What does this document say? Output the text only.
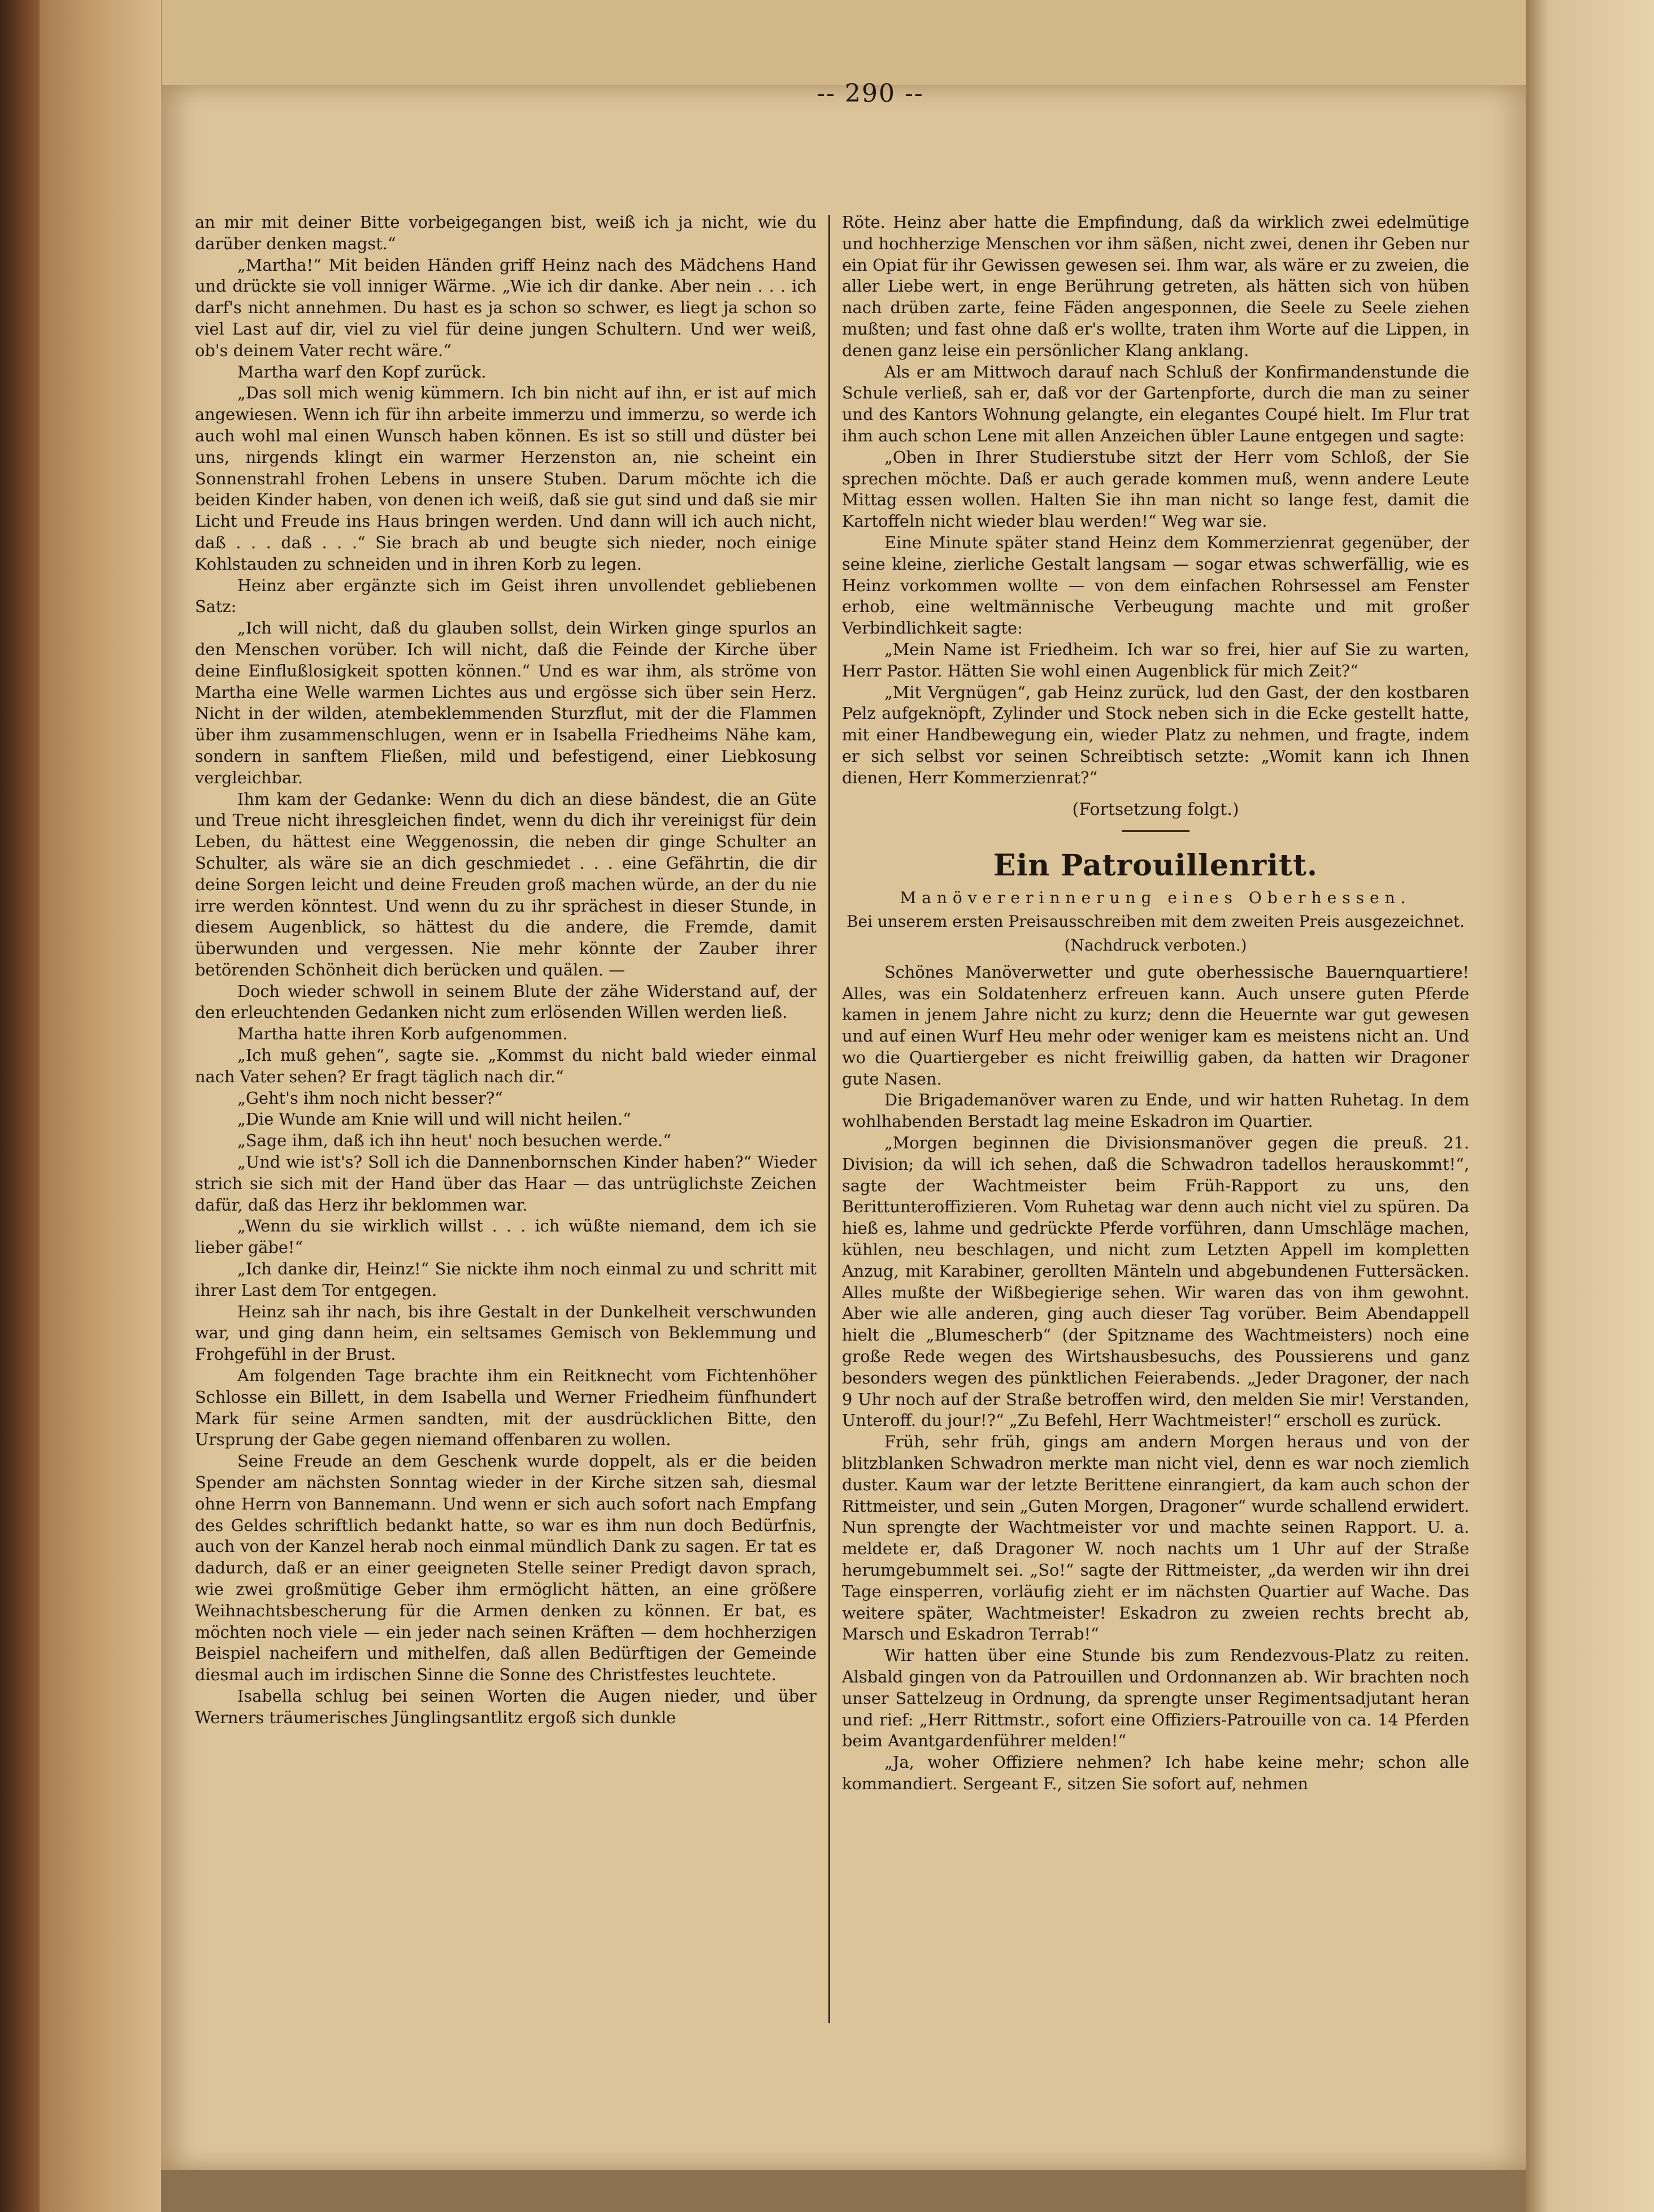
-- 290 --

an mir mit deiner Bitte vorbeigegangen bist, weiß ich ja nicht, wie du darüber denken magst.“

„Martha!“ Mit beiden Händen griff Heinz nach des Mädchens Hand und drückte sie voll inniger Wärme. „Wie ich dir danke. Aber nein . . . ich darf's nicht annehmen. Du hast es ja schon so schwer, es liegt ja schon so viel Last auf dir, viel zu viel für deine jungen Schultern. Und wer weiß, ob's deinem Vater recht wäre.“

Martha warf den Kopf zurück.

„Das soll mich wenig kümmern. Ich bin nicht auf ihn, er ist auf mich angewiesen. Wenn ich für ihn arbeite immerzu und immerzu, so werde ich auch wohl mal einen Wunsch haben können. Es ist so still und düster bei uns, nirgends klingt ein warmer Herzenston an, nie scheint ein Sonnenstrahl frohen Lebens in unsere Stuben. Darum möchte ich die beiden Kinder haben, von denen ich weiß, daß sie gut sind und daß sie mir Licht und Freude ins Haus bringen werden. Und dann will ich auch nicht, daß . . . daß . . .“ Sie brach ab und beugte sich nieder, noch einige Kohlstauden zu schneiden und in ihren Korb zu legen.

Heinz aber ergänzte sich im Geist ihren unvollendet gebliebenen Satz:

„Ich will nicht, daß du glauben sollst, dein Wirken ginge spurlos an den Menschen vorüber. Ich will nicht, daß die Feinde der Kirche über deine Einflußlosigkeit spotten können.“ Und es war ihm, als ströme von Martha eine Welle warmen Lichtes aus und ergösse sich über sein Herz. Nicht in der wilden, atembeklemmenden Sturzflut, mit der die Flammen über ihm zusammenschlugen, wenn er in Isabella Friedheims Nähe kam, sondern in sanftem Fließen, mild und befestigend, einer Liebkosung vergleichbar.

Ihm kam der Gedanke: Wenn du dich an diese bändest, die an Güte und Treue nicht ihresgleichen findet, wenn du dich ihr vereinigst für dein Leben, du hättest eine Weggenossin, die neben dir ginge Schulter an Schulter, als wäre sie an dich geschmiedet . . . eine Gefährtin, die dir deine Sorgen leicht und deine Freuden groß machen würde, an der du nie irre werden könntest. Und wenn du zu ihr sprächest in dieser Stunde, in diesem Augenblick, so hättest du die andere, die Fremde, damit überwunden und vergessen. Nie mehr könnte der Zauber ihrer betörenden Schönheit dich berücken und quälen. —

Doch wieder schwoll in seinem Blute der zähe Widerstand auf, der den erleuchtenden Gedanken nicht zum erlösenden Willen werden ließ.

Martha hatte ihren Korb aufgenommen.

„Ich muß gehen“, sagte sie. „Kommst du nicht bald wieder einmal nach Vater sehen? Er fragt täglich nach dir.“

„Geht's ihm noch nicht besser?“

„Die Wunde am Knie will und will nicht heilen.“

„Sage ihm, daß ich ihn heut' noch besuchen werde.“

„Und wie ist's? Soll ich die Dannenbornschen Kinder haben?“ Wieder strich sie sich mit der Hand über das Haar — das untrüglichste Zeichen dafür, daß das Herz ihr beklommen war.

„Wenn du sie wirklich willst . . . ich wüßte niemand, dem ich sie lieber gäbe!“

„Ich danke dir, Heinz!“ Sie nickte ihm noch einmal zu und schritt mit ihrer Last dem Tor entgegen.

Heinz sah ihr nach, bis ihre Gestalt in der Dunkelheit verschwunden war, und ging dann heim, ein seltsames Gemisch von Beklemmung und Frohgefühl in der Brust.

Am folgenden Tage brachte ihm ein Reitknecht vom Fichtenhöher Schlosse ein Billett, in dem Isabella und Werner Friedheim fünfhundert Mark für seine Armen sandten, mit der ausdrücklichen Bitte, den Ursprung der Gabe gegen niemand offenbaren zu wollen.

Seine Freude an dem Geschenk wurde doppelt, als er die beiden Spender am nächsten Sonntag wieder in der Kirche sitzen sah, diesmal ohne Herrn von Bannemann. Und wenn er sich auch sofort nach Empfang des Geldes schriftlich bedankt hatte, so war es ihm nun doch Bedürfnis, auch von der Kanzel herab noch einmal mündlich Dank zu sagen. Er tat es dadurch, daß er an einer geeigneten Stelle seiner Predigt davon sprach, wie zwei großmütige Geber ihm ermöglicht hätten, an eine größere Weihnachtsbescherung für die Armen denken zu können. Er bat, es möchten noch viele — ein jeder nach seinen Kräften — dem hochherzigen Beispiel nacheifern und mithelfen, daß allen Bedürftigen der Gemeinde diesmal auch im irdischen Sinne die Sonne des Christfestes leuchtete.

Isabella schlug bei seinen Worten die Augen nieder, und über Werners träumerisches Jünglingsantlitz ergoß sich dunkle

Röte. Heinz aber hatte die Empfindung, daß da wirklich zwei edelmütige und hochherzige Menschen vor ihm säßen, nicht zwei, denen ihr Geben nur ein Opiat für ihr Gewissen gewesen sei. Ihm war, als wäre er zu zweien, die aller Liebe wert, in enge Berührung getreten, als hätten sich von hüben nach drüben zarte, feine Fäden angesponnen, die Seele zu Seele ziehen mußten; und fast ohne daß er's wollte, traten ihm Worte auf die Lippen, in denen ganz leise ein persönlicher Klang anklang.

Als er am Mittwoch darauf nach Schluß der Konfirmandenstunde die Schule verließ, sah er, daß vor der Gartenpforte, durch die man zu seiner und des Kantors Wohnung gelangte, ein elegantes Coupé hielt. Im Flur trat ihm auch schon Lene mit allen Anzeichen übler Laune entgegen und sagte:

„Oben in Ihrer Studierstube sitzt der Herr vom Schloß, der Sie sprechen möchte. Daß er auch gerade kommen muß, wenn andere Leute Mittag essen wollen. Halten Sie ihn man nicht so lange fest, damit die Kartoffeln nicht wieder blau werden!“ Weg war sie.

Eine Minute später stand Heinz dem Kommerzienrat gegenüber, der seine kleine, zierliche Gestalt langsam — sogar etwas schwerfällig, wie es Heinz vorkommen wollte — von dem einfachen Rohrsessel am Fenster erhob, eine weltmännische Verbeugung machte und mit großer Verbindlichkeit sagte:

„Mein Name ist Friedheim. Ich war so frei, hier auf Sie zu warten, Herr Pastor. Hätten Sie wohl einen Augenblick für mich Zeit?“

„Mit Vergnügen“, gab Heinz zurück, lud den Gast, der den kostbaren Pelz aufgeknöpft, Zylinder und Stock neben sich in die Ecke gestellt hatte, mit einer Handbewegung ein, wieder Platz zu nehmen, und fragte, indem er sich selbst vor seinen Schreibtisch setzte: „Womit kann ich Ihnen dienen, Herr Kommerzienrat?“

(Fortsetzung folgt.)
Ein Patrouillenritt.
Manövererinnerung eines Oberhessen.
Bei unserem ersten Preisausschreiben mit dem zweiten Preis ausgezeichnet.
(Nachdruck verboten.)

Schönes Manöverwetter und gute oberhessische Bauernquartiere! Alles, was ein Soldatenherz erfreuen kann. Auch unsere guten Pferde kamen in jenem Jahre nicht zu kurz; denn die Heuernte war gut gewesen und auf einen Wurf Heu mehr oder weniger kam es meistens nicht an. Und wo die Quartiergeber es nicht freiwillig gaben, da hatten wir Dragoner gute Nasen.

Die Brigademanöver waren zu Ende, und wir hatten Ruhetag. In dem wohlhabenden Berstadt lag meine Eskadron im Quartier.

„Morgen beginnen die Divisionsmanöver gegen die preuß. 21. Division; da will ich sehen, daß die Schwadron tadellos herauskommt!“, sagte der Wachtmeister beim Früh-Rapport zu uns, den Berittunteroffizieren. Vom Ruhetag war denn auch nicht viel zu spüren. Da hieß es, lahme und gedrückte Pferde vorführen, dann Umschläge machen, kühlen, neu beschlagen, und nicht zum Letzten Appell im kompletten Anzug, mit Karabiner, gerollten Mänteln und abgebundenen Futtersäcken. Alles mußte der Wißbegierige sehen. Wir waren das von ihm gewohnt. Aber wie alle anderen, ging auch dieser Tag vorüber. Beim Abendappell hielt die „Blumescherb“ (der Spitzname des Wachtmeisters) noch eine große Rede wegen des Wirtshausbesuchs, des Poussierens und ganz besonders wegen des pünktlichen Feierabends. „Jeder Dragoner, der nach 9 Uhr noch auf der Straße betroffen wird, den melden Sie mir! Verstanden, Unteroff. du jour!?“ „Zu Befehl, Herr Wachtmeister!“ erscholl es zurück.

Früh, sehr früh, gings am andern Morgen heraus und von der blitzblanken Schwadron merkte man nicht viel, denn es war noch ziemlich duster. Kaum war der letzte Berittene einrangiert, da kam auch schon der Rittmeister, und sein „Guten Morgen, Dragoner“ wurde schallend erwidert. Nun sprengte der Wachtmeister vor und machte seinen Rapport. U. a. meldete er, daß Dragoner W. noch nachts um 1 Uhr auf der Straße herumgebummelt sei. „So!“ sagte der Rittmeister, „da werden wir ihn drei Tage einsperren, vorläufig zieht er im nächsten Quartier auf Wache. Das weitere später, Wachtmeister! Eskadron zu zweien rechts brecht ab, Marsch und Eskadron Terrab!“

Wir hatten über eine Stunde bis zum Rendezvous-Platz zu reiten. Alsbald gingen von da Patrouillen und Ordonnanzen ab. Wir brachten noch unser Sattelzeug in Ordnung, da sprengte unser Regimentsadjutant heran und rief: „Herr Rittmstr., sofort eine Offiziers-Patrouille von ca. 14 Pferden beim Avantgardenführer melden!“

„Ja, woher Offiziere nehmen? Ich habe keine mehr; schon alle kommandiert. Sergeant F., sitzen Sie sofort auf, nehmen
